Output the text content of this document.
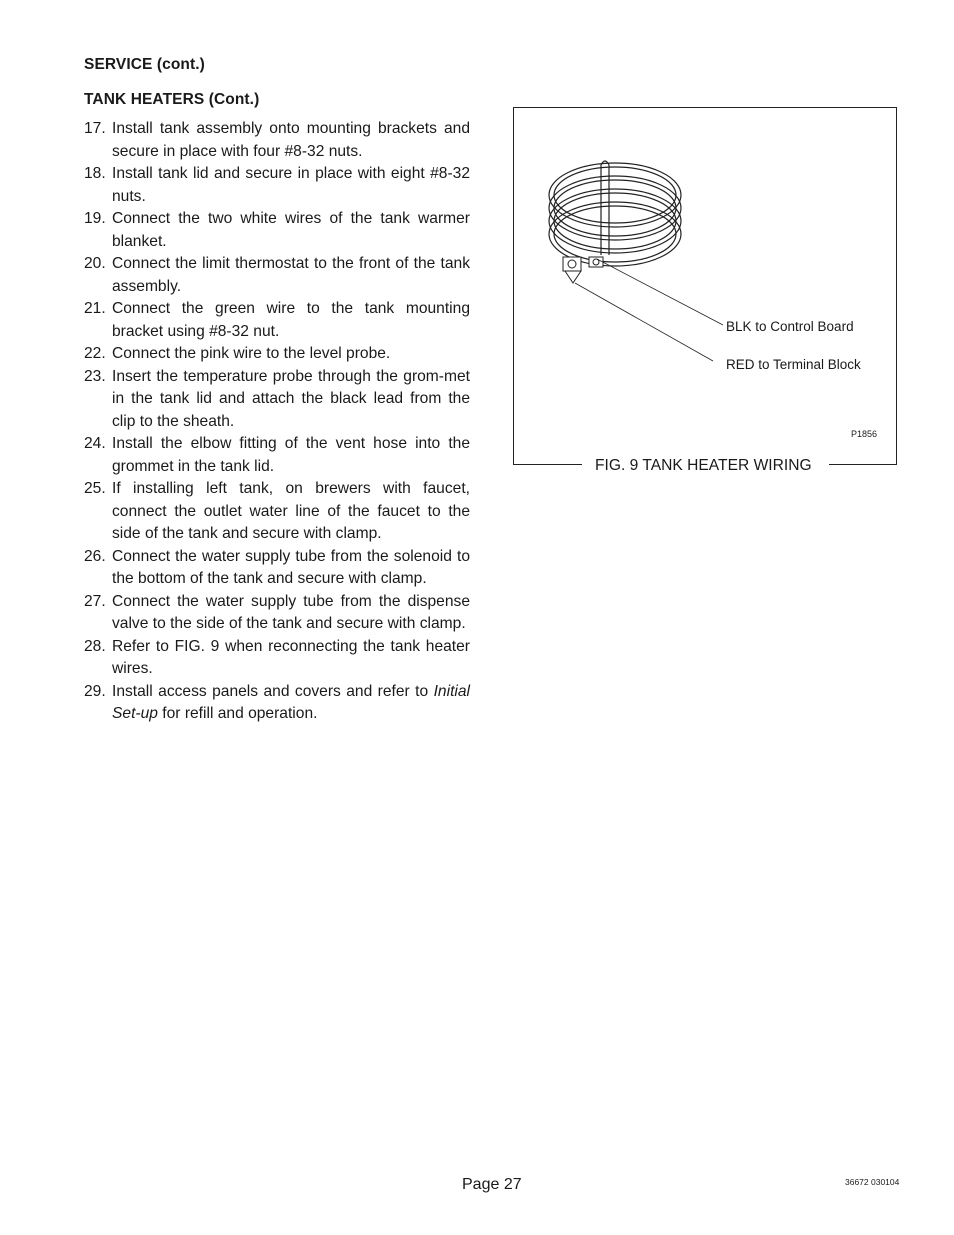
SERVICE (cont.)
TANK HEATERS (Cont.)
17. Install tank assembly onto mounting brackets and secure in place with four #8-32 nuts.
18. Install tank lid and secure in place with eight #8-32 nuts.
19. Connect the two white wires of the tank warmer blanket.
20. Connect the limit thermostat to the front of the tank assembly.
21. Connect the green wire to the tank mounting bracket using #8-32 nut.
22. Connect the pink wire to the level probe.
23. Insert the temperature probe through the grom-met in the tank lid and attach the black lead from the clip to the sheath.
24. Install the elbow fitting of the vent hose into the grommet in the tank lid.
25. If installing left tank, on brewers with faucet, connect the outlet water line of the faucet to the side of the tank and secure with clamp.
26. Connect the water supply tube from the solenoid to the bottom of the tank and secure with clamp.
27. Connect the water supply tube from the dispense valve to the side of the tank and secure with clamp.
28. Refer to FIG. 9 when reconnecting the tank heater wires.
29. Install access panels and covers and refer to Initial Set-up for refill and operation.
BLK to Control Board
RED to Terminal Block
P1856
FIG. 9 TANK HEATER WIRING
Page 27	36672 030104
